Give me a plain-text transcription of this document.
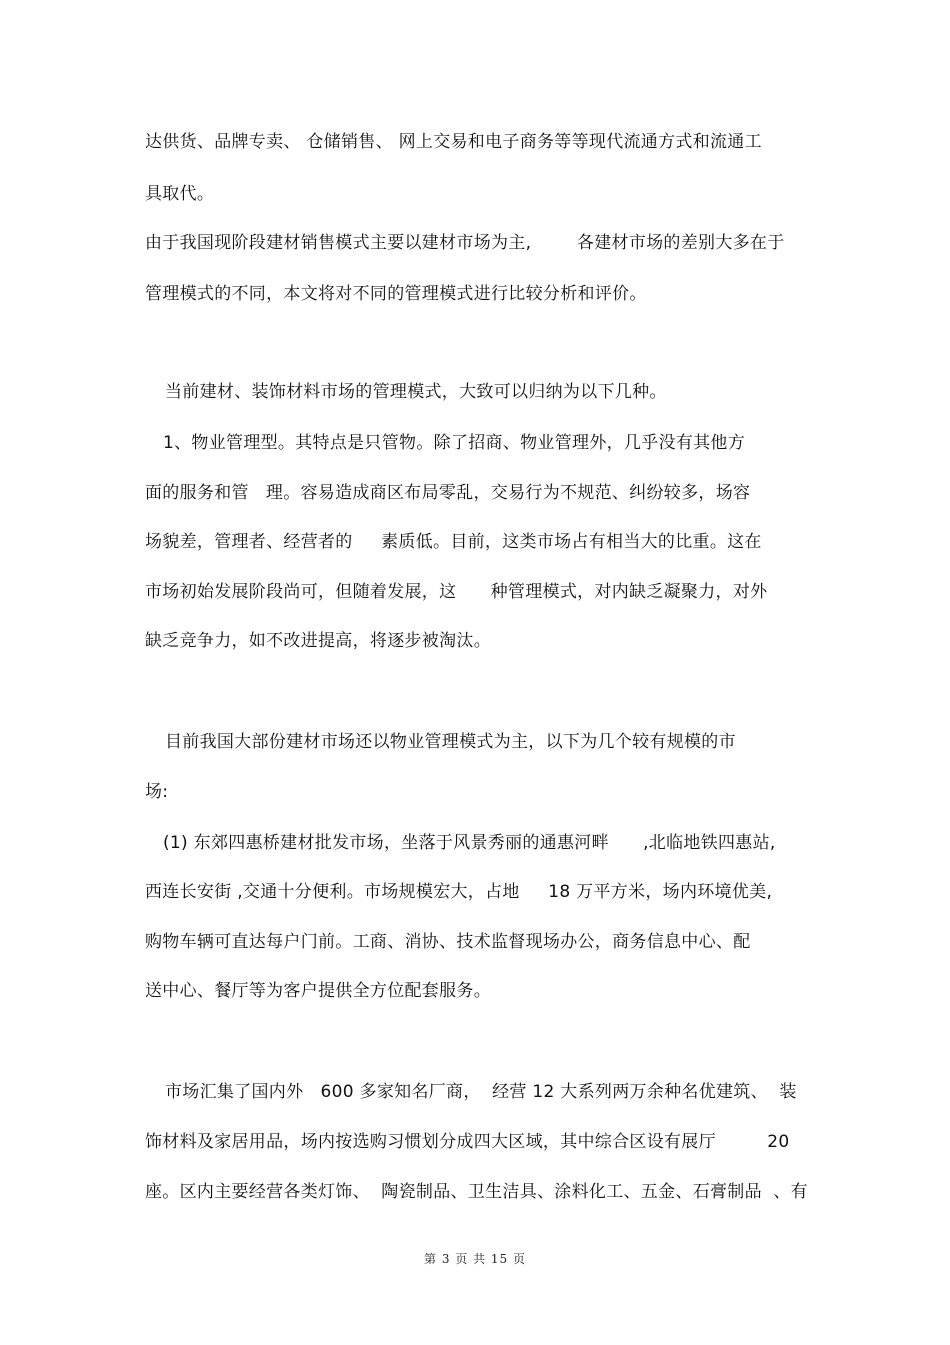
达供货、品牌专卖、 仓储销售、 网上交易和电子商务等等现代流通方式和流通工
具取代。
由于我国现阶段建材销售模式主要以建材市场为主,        各建材市场的差别大多在于
管理模式的不同，本文将对不同的管理模式进行比较分析和评价。
当前建材、装饰材料市场的管理模式，大致可以归纳为以下几种。
1、物业管理型。其特点是只管物。除了招商、物业管理外，几乎没有其他方
面的服务和管   理。容易造成商区布局零乱，交易行为不规范、纠纷较多，场容
场貌差，管理者、经营者的     素质低。目前，这类市场占有相当大的比重。这在
市场初始发展阶段尚可，但随着发展，这      种管理模式，对内缺乏凝聚力，对外
缺乏竞争力，如不改进提高，将逐步被淘汰。
目前我国大部份建材市场还以物业管理模式为主，以下为几个较有规模的市
场:
(1) 东郊四惠桥建材批发市场，坐落于风景秀丽的通惠河畔      ,北临地铁四惠站,
西连长安街 ,交通十分便利。市场规模宏大，占地     18 万平方米，场内环境优美,
购物车辆可直达每户门前。工商、消协、技术监督现场办公，商务信息中心、配
送中心、餐厅等为客户提供全方位配套服务。
市场汇集了国内外   600 多家知名厂商，  经营 12 大系列两万余种名优建筑、  装
饰材料及家居用品，场内按选购习惯划分成四大区域，其中综合区设有展厅         20
座。区内主要经营各类灯饰、  陶瓷制品、卫生洁具、涂料化工、五金、石膏制品  、有
第 3 页 共 15 页
